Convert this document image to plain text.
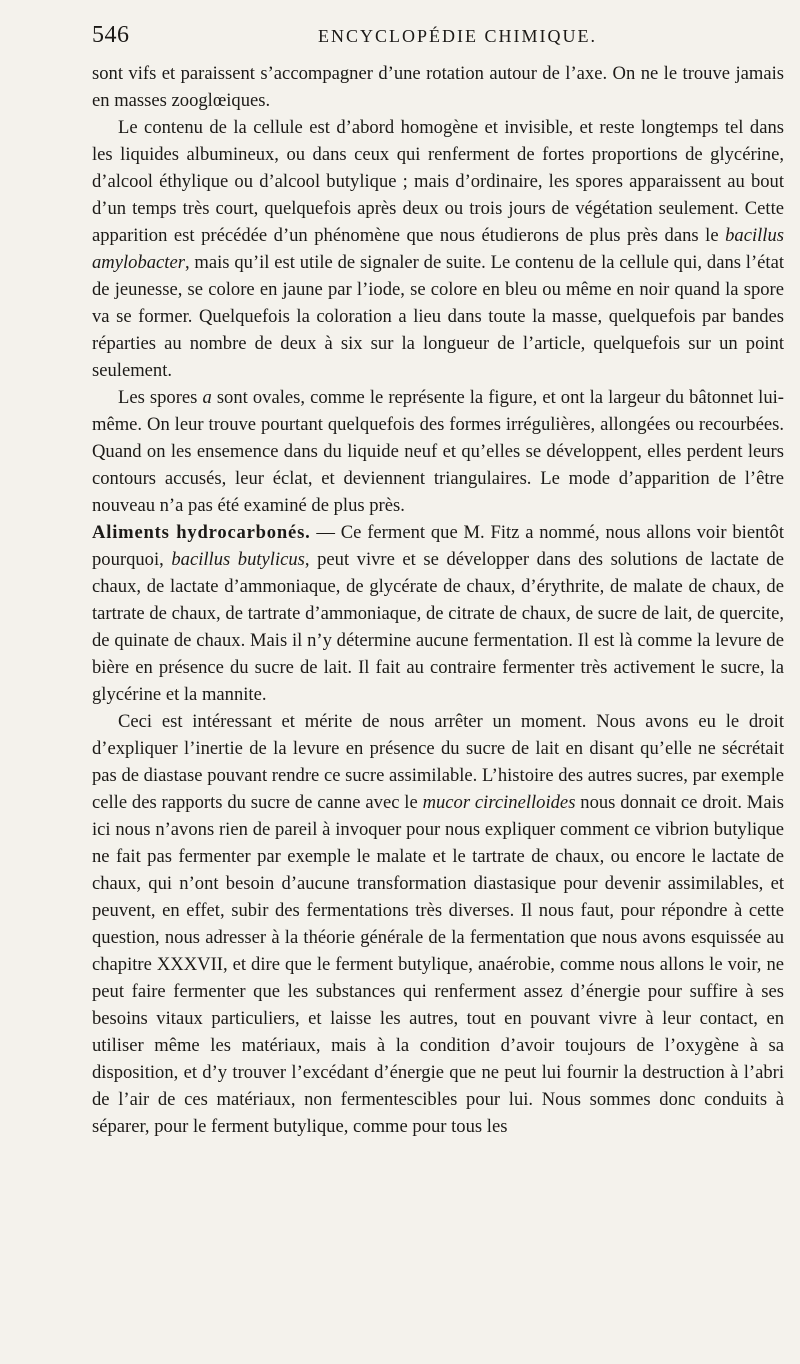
546	ENCYCLOPÉDIE CHIMIQUE.

sont vifs et paraissent s’accompagner d’une rotation autour de l’axe. On ne le trouve jamais en masses zooglœiques.

Le contenu de la cellule est d’abord homogène et invisible, et reste longtemps tel dans les liquides albumineux, ou dans ceux qui renferment de fortes proportions de glycérine, d’alcool éthylique ou d’alcool butylique ; mais d’ordinaire, les spores apparaissent au bout d’un temps très court, quelquefois après deux ou trois jours de végétation seulement. Cette apparition est précédée d’un phénomène que nous étudierons de plus près dans le bacillus amylobacter, mais qu’il est utile de signaler de suite. Le contenu de la cellule qui, dans l’état de jeunesse, se colore en jaune par l’iode, se colore en bleu ou même en noir quand la spore va se former. Quelquefois la coloration a lieu dans toute la masse, quelquefois par bandes réparties au nombre de deux à six sur la longueur de l’article, quelquefois sur un point seulement.

Les spores a sont ovales, comme le représente la figure, et ont la largeur du bâtonnet lui-même. On leur trouve pourtant quelquefois des formes irrégulières, allongées ou recourbées. Quand on les ensemence dans du liquide neuf et qu’elles se développent, elles perdent leurs contours accusés, leur éclat, et deviennent triangulaires. Le mode d’apparition de l’être nouveau n’a pas été examiné de plus près.

Aliments hydrocarbonés. — Ce ferment que M. Fitz a nommé, nous allons voir bientôt pourquoi, bacillus butylicus, peut vivre et se développer dans des solutions de lactate de chaux, de lactate d’ammoniaque, de glycérate de chaux, d’érythrite, de malate de chaux, de tartrate de chaux, de tartrate d’ammoniaque, de citrate de chaux, de sucre de lait, de quercite, de quinate de chaux. Mais il n’y détermine aucune fermentation. Il est là comme la levure de bière en présence du sucre de lait. Il fait au contraire fermenter très activement le sucre, la glycérine et la mannite.

Ceci est intéressant et mérite de nous arrêter un moment. Nous avons eu le droit d’expliquer l’inertie de la levure en présence du sucre de lait en disant qu’elle ne sécrétait pas de diastase pouvant rendre ce sucre assimilable. L’histoire des autres sucres, par exemple celle des rapports du sucre de canne avec le mucor circinelloides nous donnait ce droit. Mais ici nous n’avons rien de pareil à invoquer pour nous expliquer comment ce vibrion butylique ne fait pas fermenter par exemple le malate et le tartrate de chaux, ou encore le lactate de chaux, qui n’ont besoin d’aucune transformation diastasique pour devenir assimilables, et peuvent, en effet, subir des fermentations très diverses. Il nous faut, pour répondre à cette question, nous adresser à la théorie générale de la fermentation que nous avons esquissée au chapitre XXXVII, et dire que le ferment butylique, anaérobie, comme nous allons le voir, ne peut faire fermenter que les substances qui renferment assez d’énergie pour suffire à ses besoins vitaux particuliers, et laisse les autres, tout en pouvant vivre à leur contact, en utiliser même les matériaux, mais à la condition d’avoir toujours de l’oxygène à sa disposition, et d’y trouver l’excédant d’énergie que ne peut lui fournir la destruction à l’abri de l’air de ces matériaux, non fermentescibles pour lui. Nous sommes donc conduits à séparer, pour le ferment butylique, comme pour tous les
